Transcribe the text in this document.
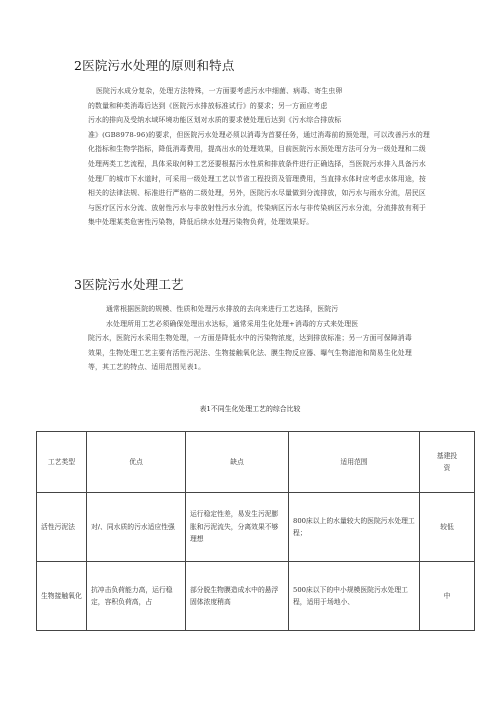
2医院污水处理的原则和特点
医院污水成分复杂，处理方法特殊，一方面要考虑污水中细菌、病毒、寄生虫卵
的数量和种类消毒后达到《医院污水排放标准试行》的要求；另一方面应考虑
污水的排向及受纳水域环境功能区划对水质的要求使处理后达到《污水综合排放标
准》(GB8978-96)的要求，但医院污水处理必须以消毒为首要任务，通过消毒前的预处理，可以改善污水的理
化指标和生物学指标，降低消毒费用，提高出水的处理效果，目前医院污水预处理方法可分为一级处理和二级
处理两类工艺流程，具体采取何种工艺还要根据污水性质和排放条件进行正确选择，当医院污水排入具备污水
处理厂的城市下水道时，可采用一级处理工艺以节省工程投资及管理费用，当直排水体时应考虑水体用途，按
相关的法律法规、标准进行严格的二级处理，另外，医院污水尽量做到分流排放，如污水与雨水分流，居民区
与医疗区污水分流、放射性污水与非放射性污水分流，传染病区污水与非传染病区污水分流，分流排放有利于
集中处理某类危害性污染物，降低后续水处理污染物负荷，处理效果好。
3医院污水处理工艺
通常根据医院的规模、性质和处理污水排放的去向来进行工艺选择，医院污
水处理所用工艺必须确保处理出水达标，通常采用生化处理+消毒的方式来处理医
院污水，医院污水采用生物处理，一方面是降低水中的污染物浓度，达到排放标准；另一方面可保障消毒
效果，生物处理工艺主要有活性污泥法、生物接触氧化法、膜生物反应器、曝气生物滤池和简易生化处理
等，其工艺的特点、适用范围见表1。
表1不同生化处理工艺的综合比较
工艺类型	优点	缺点	适用范围	基建投资
活性污泥法	对/、同水质的污水适应性强	运行稳定性差，易发生污泥膨胀和污泥流失，分离效果不够理想	800床以上的水量较大的医院污水处理工程；	较低
生物接触氧化	抗冲击负荷能力高，运行稳定，容积负荷高，占	部分脱生物膜造成水中的悬浮固体浓度稍高	500床以下的中小规模医院污水处理工程，适用于场地小、	中
